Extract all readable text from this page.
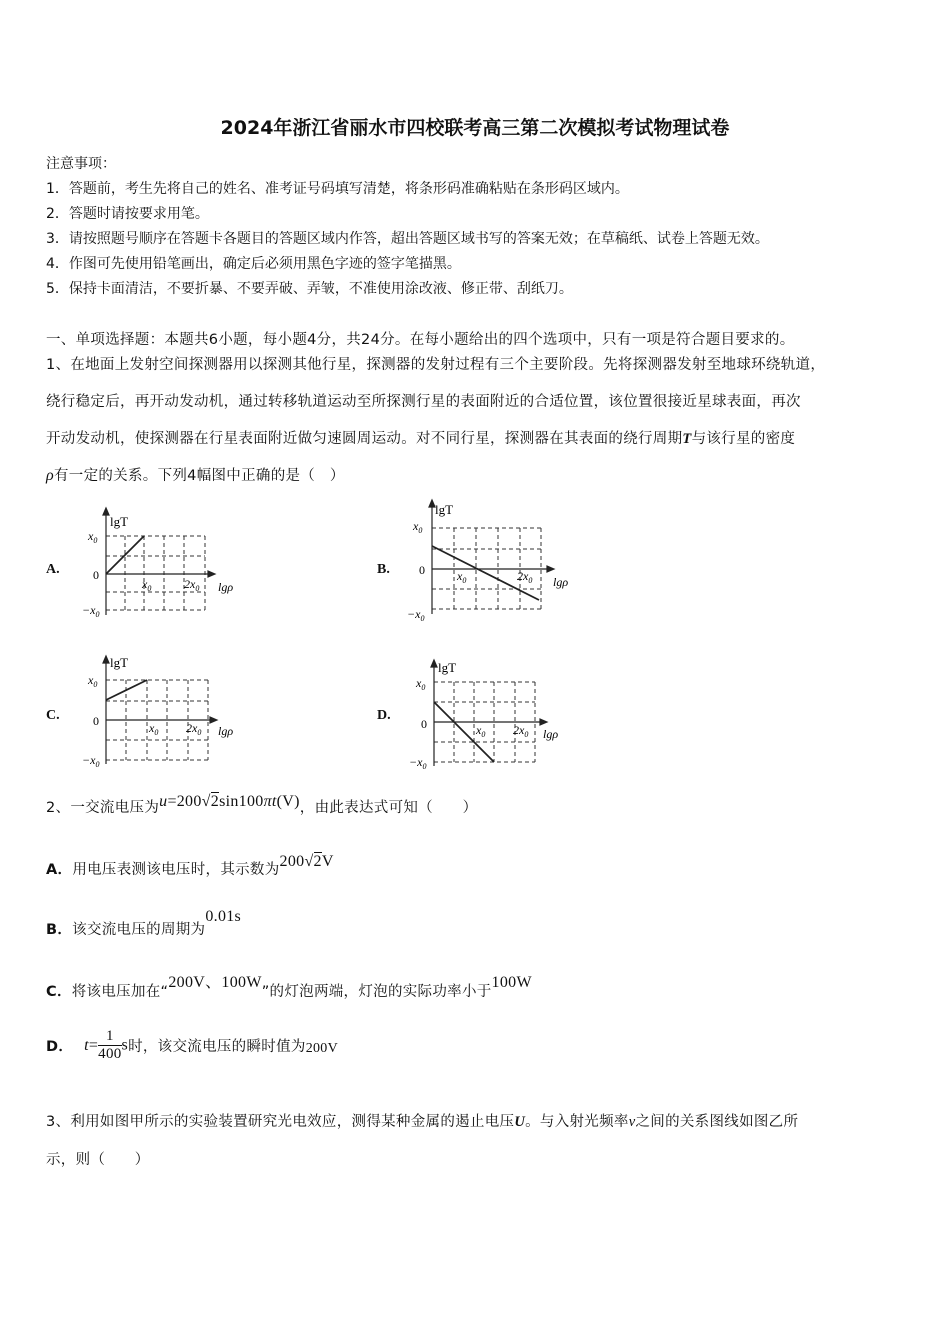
2024年浙江省丽水市四校联考高三第二次模拟考试物理试卷
注意事项：
1．答题前，考生先将自己的姓名、准考证号码填写清楚，将条形码准确粘贴在条形码区域内。
2．答题时请按要求用笔。
3．请按照题号顺序在答题卡各题目的答题区域内作答，超出答题区域书写的答案无效；在草稿纸、试卷上答题无效。
4．作图可先使用铅笔画出，确定后必须用黑色字迹的签字笔描黑。
5．保持卡面清洁，不要折暴、不要弄破、弄皱，不准使用涂改液、修正带、刮纸刀。
一、单项选择题：本题共6小题，每小题4分，共24分。在每小题给出的四个选项中，只有一项是符合题目要求的。
1、在地面上发射空间探测器用以探测其他行星，探测器的发射过程有三个主要阶段。先将探测器发射至地球环绕轨道，
绕行稳定后，再开动发动机，通过转移轨道运动至所探测行星的表面附近的合适位置，该位置很接近星球表面，再次
开动发动机，使探测器在行星表面附近做匀速圆周运动。对不同行星，探测器在其表面的绕行周期T与该行星的密度
ρ有一定的关系。下列4幅图中正确的是（　）
A.	B.
C.	D.
lgT
lgρ
$x_0$
0
$-x_0$
$x_0$	$2x_0$
lgT
lgρ
$x_0$
0
$-x_0$
$x_0$	$2x_0$
lgT
lgρ
$x_0$
0
$-x_0$
$x_0$ $2x_0$
lgT
lgρ
$x_0$
0
$-x_0$
$x_0$ $2x_0$
2、一交流电压为u=200√2sin100πt(V)，由此表达式可知（　　）
A．用电压表测该电压时，其示数为200√2V
B．该交流电压的周期为0.01s
C．将该电压加在“200V、100W”的灯泡两端，灯泡的实际功率小于100W
D． $t= \frac{1}{400}$ s时，该交流电压的瞬时值为200V
3、利用如图甲所示的实验装置研究光电效应，测得某种金属的遏止电压U。与入射光频率v之间的关系图线如图乙所
示，则（　　）
